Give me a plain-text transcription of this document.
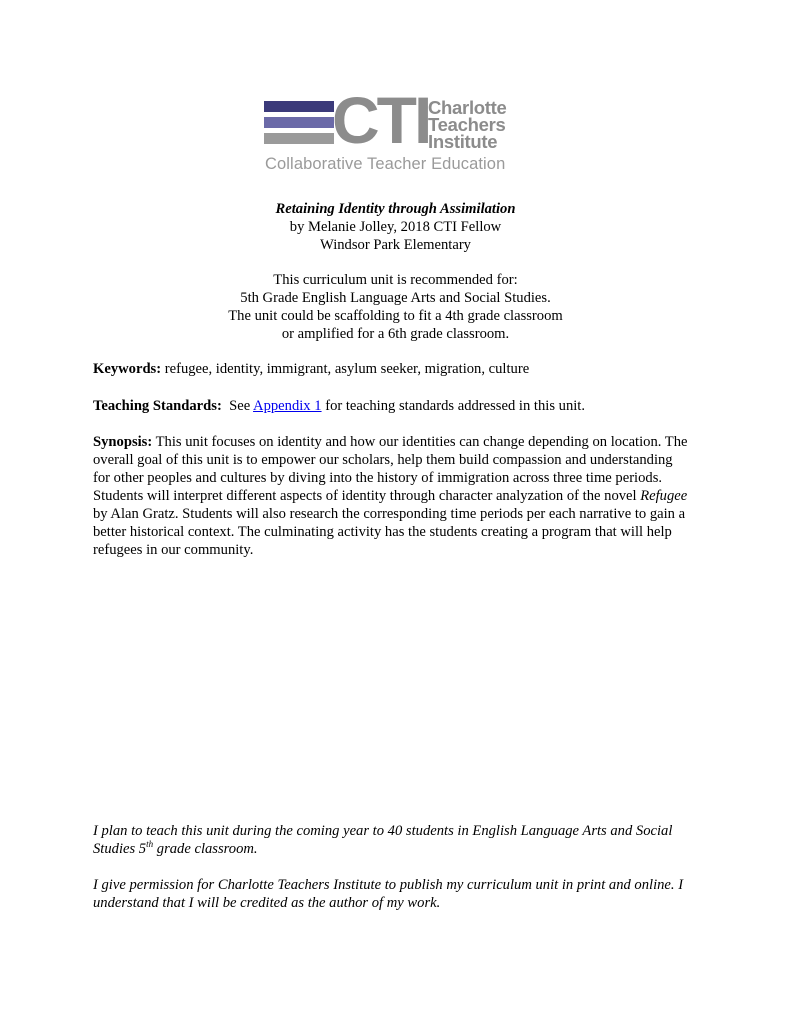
CTI
Charlotte
Teachers
Institute
Collaborative Teacher Education
Retaining Identity through Assimilation
by Melanie Jolley, 2018 CTI Fellow
Windsor Park Elementary
This curriculum unit is recommended for:
5th Grade English Language Arts and Social Studies.
The unit could be scaffolding to fit a 4th grade classroom
or amplified for a 6th grade classroom.
Keywords: refugee, identity, immigrant, asylum seeker, migration, culture
Teaching Standards:  See Appendix 1 for teaching standards addressed in this unit.
Synopsis: This unit focuses on identity and how our identities can change depending on location. The overall goal of this unit is to empower our scholars, help them build compassion and understanding for other peoples and cultures by diving into the history of immigration across three time periods. Students will interpret different aspects of identity through character analyzation of the novel Refugee by Alan Gratz. Students will also research the corresponding time periods per each narrative to gain a better historical context. The culminating activity has the students creating a program that will help refugees in our community.
I plan to teach this unit during the coming year to 40 students in English Language Arts and Social Studies 5th grade classroom.
I give permission for Charlotte Teachers Institute to publish my curriculum unit in print and online. I understand that I will be credited as the author of my work.
